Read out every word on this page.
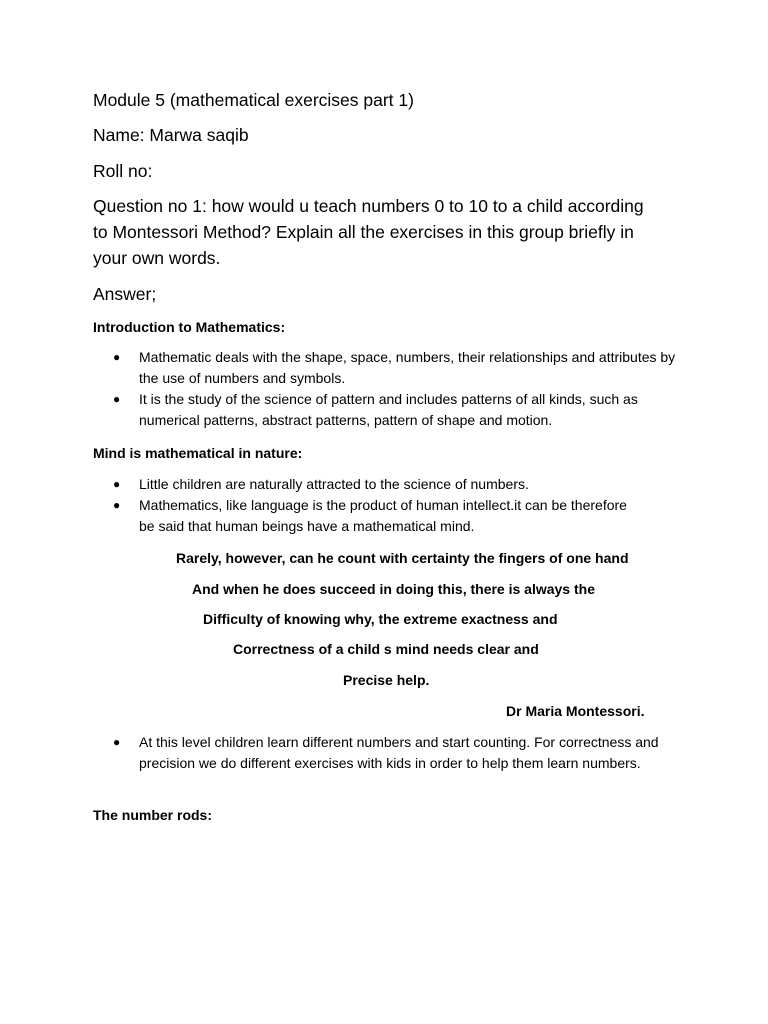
Module 5 (mathematical exercises part 1)

Name: Marwa saqib

Roll no:

Question no 1: how would u teach numbers 0 to 10 to a child according to Montessori Method? Explain all the exercises in this group briefly in your own words.

Answer;

Introduction to Mathematics:

● Mathematic deals with the shape, space, numbers, their relationships and attributes by the use of numbers and symbols.
● It is the study of the science of pattern and includes patterns of all kinds, such as numerical patterns, abstract patterns, pattern of shape and motion.

Mind is mathematical in nature:

● Little children are naturally attracted to the science of numbers.
● Mathematics, like language is the product of human intellect.it can be therefore be said that human beings have a mathematical mind.

Rarely, however, can he count with certainty the fingers of one hand

And when he does succeed in doing this, there is always the

Difficulty of knowing why, the extreme exactness and

Correctness of a child s mind needs clear and

Precise help.

Dr Maria Montessori.

● At this level children learn different numbers and start counting. For correctness and precision we do different exercises with kids in order to help them learn numbers.

The number rods:
